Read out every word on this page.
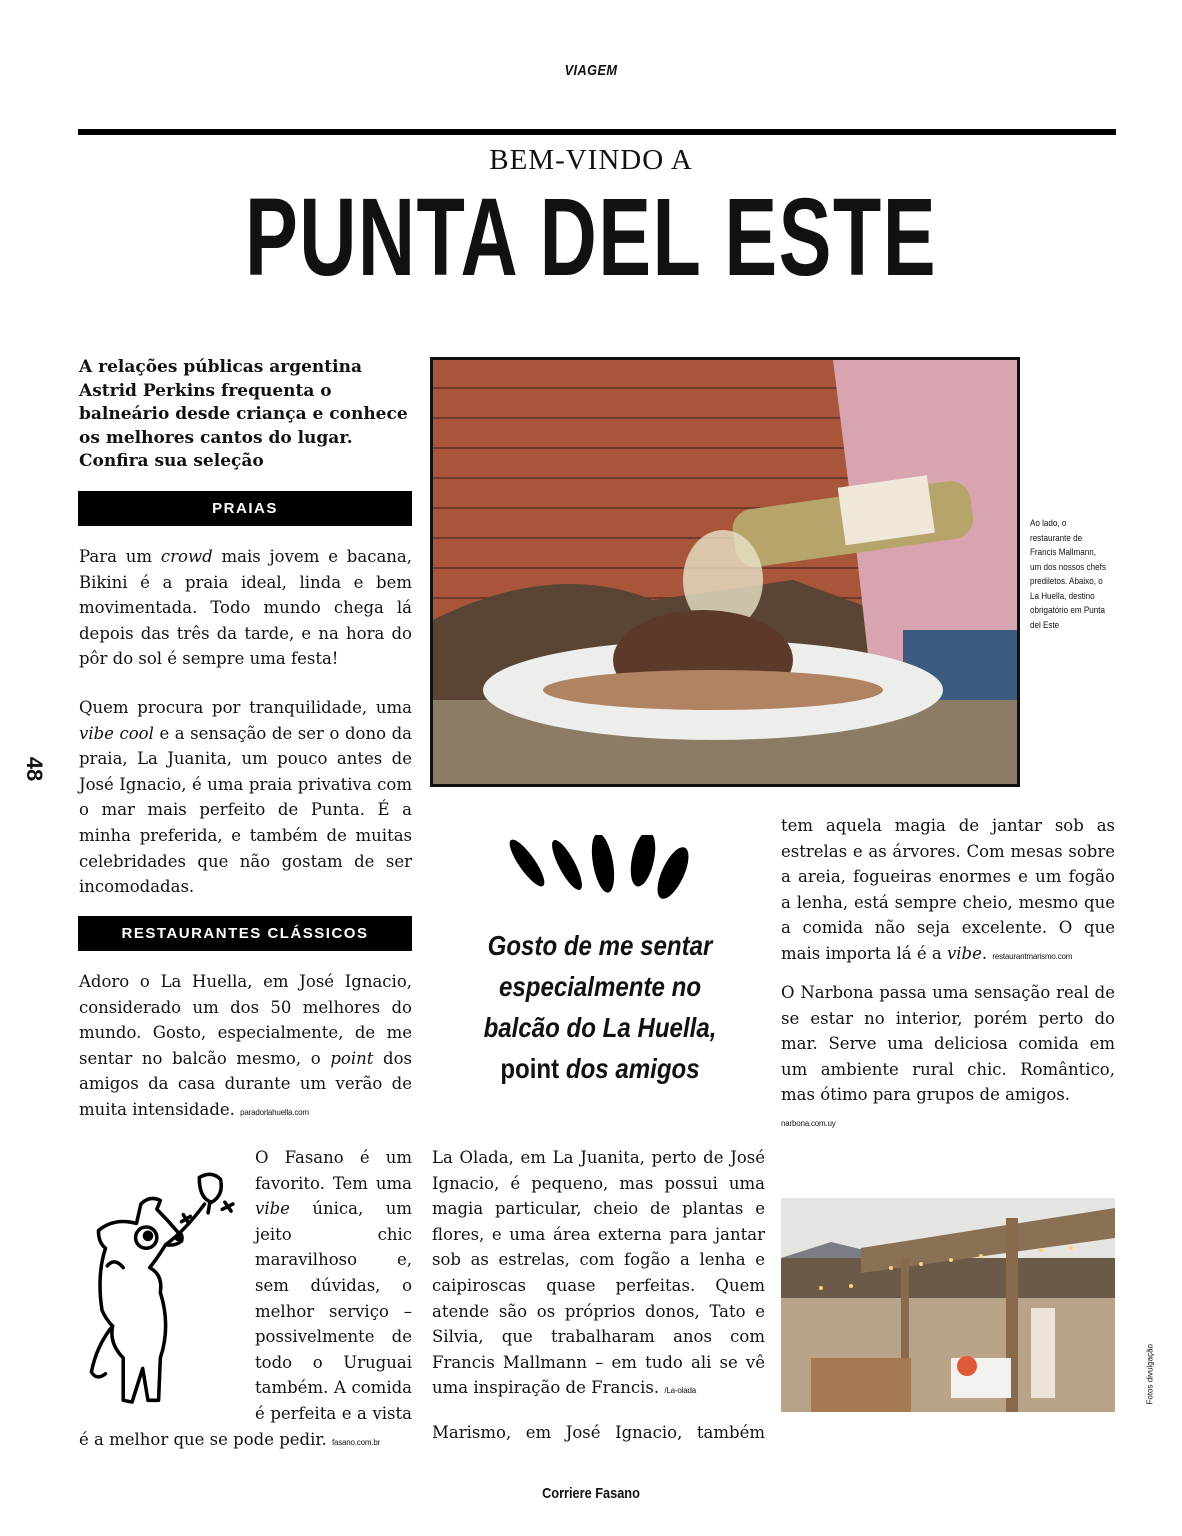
VIAGEM
BEM-VINDO A
PUNTA DEL ESTE
A relações públicas argentina Astrid Perkins frequenta o balneário desde criança e conhece os melhores cantos do lugar. Confira sua seleção
PRAIAS
Para um crowd mais jovem e bacana, Bikini é a praia ideal, linda e bem movimentada. Todo mundo chega lá depois das três da tarde, e na hora do pôr do sol é sempre uma festa!
Quem procura por tranquilidade, uma vibe cool e a sensação de ser o dono da praia, La Juanita, um pouco antes de José Ignacio, é uma praia privativa com o mar mais perfeito de Punta. É a minha preferida, e também de muitas celebridades que não gostam de ser incomodadas.
48
RESTAURANTES CLÁSSICOS
Adoro o La Huella, em José Ignacio, considerado um dos 50 melhores do mundo. Gosto, especialmente, de me sentar no balcão mesmo, o point dos amigos da casa durante um verão de muita intensidade. paradorlahuella.com
O Fasano é um favorito. Tem uma vibe única, um jeito chic maravilhoso e, sem dúvidas, o melhor serviço – possivelmente de todo o Uruguai também. A comida é perfeita e a vista é a melhor que se pode pedir. fasano.com.br
Ao lado, o restaurante de Francis Mallmann, um dos nossos chefs prediletos. Abaixo, o La Huella, destino obrigatório em Punta del Este
Gosto de me sentar especialmente no balcão do La Huella,
point dos amigos
tem aquela magia de jantar sob as estrelas e as árvores. Com mesas sobre a areia, fogueiras enormes e um fogão a lenha, está sempre cheio, mesmo que a comida não seja excelente. O que mais importa lá é a vibe. restaurantmarismo.com
O Narbona passa uma sensação real de se estar no interior, porém perto do mar. Serve uma deliciosa comida em um ambiente rural chic. Romântico, mas ótimo para grupos de amigos.
narbona.com.uy
La Olada, em La Juanita, perto de José Ignacio, é pequeno, mas possui uma magia particular, cheio de plantas e flores, e uma área externa para jantar sob as estrelas, com fogão a lenha e caipiroscas quase perfeitas. Quem atende são os próprios donos, Tato e Silvia, que trabalharam anos com Francis Mallmann – em tudo ali se vê uma inspiração de Francis. /La-olada
Marismo, em José Ignacio, também
Fotos divulgação
Corriere Fasano
